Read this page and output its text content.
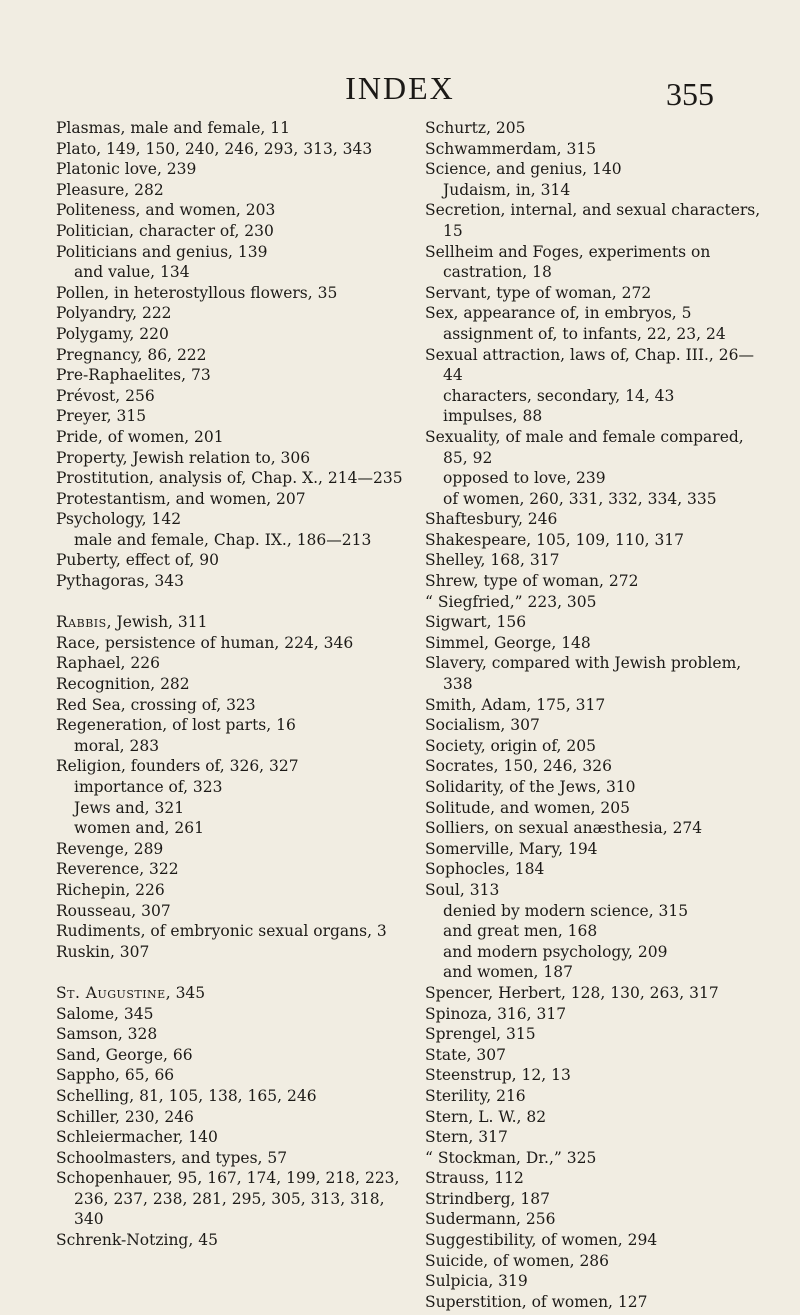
INDEX	355
Plasmas, male and female, 11
Plato, 149, 150, 240, 246, 293, 313, 343
Platonic love, 239
Pleasure, 282
Politeness, and women, 203
Politician, character of, 230
Politicians and genius, 139
and value, 134
Pollen, in heterostyllous flowers, 35
Polyandry, 222
Polygamy, 220
Pregnancy, 86, 222
Pre-Raphaelites, 73
Prévost, 256
Preyer, 315
Pride, of women, 201
Property, Jewish relation to, 306
Prostitution, analysis of, Chap. X., 214—235
Protestantism, and women, 207
Psychology, 142
male and female, Chap. IX., 186—213
Puberty, effect of, 90
Pythagoras, 343
Rabbis, Jewish, 311
Race, persistence of human, 224, 346
Raphael, 226
Recognition, 282
Red Sea, crossing of, 323
Regeneration, of lost parts, 16
moral, 283
Religion, founders of, 326, 327
importance of, 323
Jews and, 321
women and, 261
Revenge, 289
Reverence, 322
Richepin, 226
Rousseau, 307
Rudiments, of embryonic sexual organs, 3
Ruskin, 307
St. Augustine, 345
Salome, 345
Samson, 328
Sand, George, 66
Sappho, 65, 66
Schelling, 81, 105, 138, 165, 246
Schiller, 230, 246
Schleiermacher, 140
Schoolmasters, and types, 57
Schopenhauer, 95, 167, 174, 199, 218, 223, 236, 237, 238, 281, 295, 305, 313, 318, 340
Schrenk-Notzing, 45
Schurtz, 205
Schwammerdam, 315
Science, and genius, 140
Judaism, in, 314
Secretion, internal, and sexual characters, 15
Sellheim and Foges, experiments on castration, 18
Servant, type of woman, 272
Sex, appearance of, in embryos, 5
assignment of, to infants, 22, 23, 24
Sexual attraction, laws of, Chap. III., 26—44
characters, secondary, 14, 43
impulses, 88
Sexuality, of male and female compared, 85, 92
opposed to love, 239
of women, 260, 331, 332, 334, 335
Shaftesbury, 246
Shakespeare, 105, 109, 110, 317
Shelley, 168, 317
Shrew, type of woman, 272
“ Siegfried,” 223, 305
Sigwart, 156
Simmel, George, 148
Slavery, compared with Jewish problem, 338
Smith, Adam, 175, 317
Socialism, 307
Society, origin of, 205
Socrates, 150, 246, 326
Solidarity, of the Jews, 310
Solitude, and women, 205
Solliers, on sexual anæsthesia, 274
Somerville, Mary, 194
Sophocles, 184
Soul, 313
denied by modern science, 315
and great men, 168
and modern psychology, 209
and women, 187
Spencer, Herbert, 128, 130, 263, 317
Spinoza, 316, 317
Sprengel, 315
State, 307
Steenstrup, 12, 13
Sterility, 216
Stern, L. W., 82
Stern, 317
“ Stockman, Dr.,” 325
Strauss, 112
Strindberg, 187
Sudermann, 256
Suggestibility, of women, 294
Suicide, of women, 286
Sulpicia, 319
Superstition, of women, 127
